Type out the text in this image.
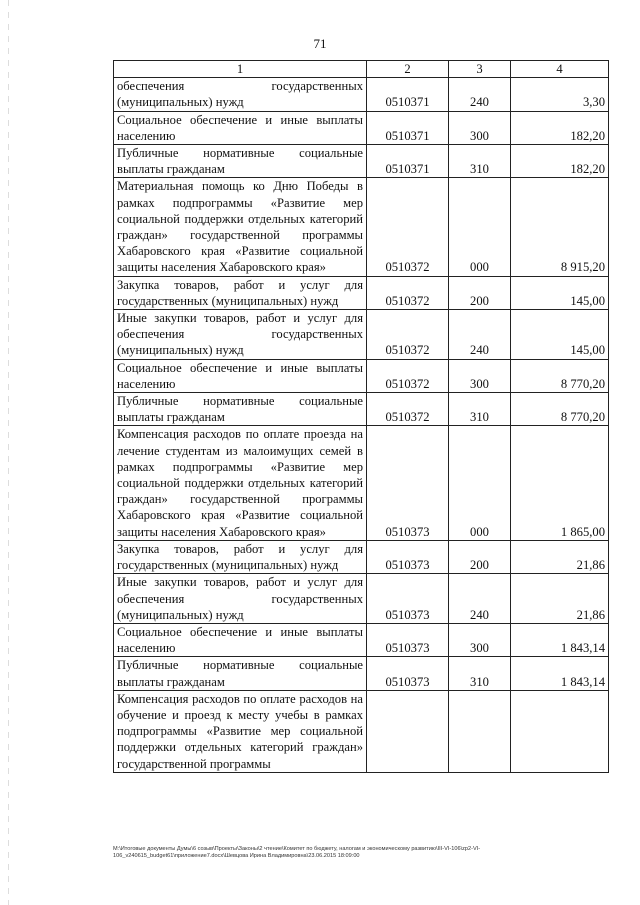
71
1	2	3	4
обеспечения государственных (муниципальных) нужд	0510371	240	3,30
Социальное обеспечение и иные выплаты населению	0510371	300	182,20
Публичные нормативные социальные выплаты гражданам	0510371	310	182,20
Материальная помощь ко Дню Победы в рамках подпрограммы «Развитие мер социальной поддержки отдельных категорий граждан» государственной программы Хабаровского края «Развитие социальной защиты населения Хабаровского края»	0510372	000	8 915,20
Закупка товаров, работ и услуг для государственных (муниципальных) нужд	0510372	200	145,00
Иные закупки товаров, работ и услуг для обеспечения государственных (муниципальных) нужд	0510372	240	145,00
Социальное обеспечение и иные выплаты населению	0510372	300	8 770,20
Публичные нормативные социальные выплаты гражданам	0510372	310	8 770,20
Компенсация расходов по оплате проезда на лечение студентам из малоимущих семей в рамках подпрограммы «Развитие мер социальной поддержки отдельных категорий граждан» государственной программы Хабаровского края «Развитие социальной защиты населения Хабаровского края»	0510373	000	1 865,00
Закупка товаров, работ и услуг для государственных (муниципальных) нужд	0510373	200	21,86
Иные закупки товаров, работ и услуг для обеспечения государственных (муниципальных) нужд	0510373	240	21,86
Социальное обеспечение и иные выплаты населению	0510373	300	1 843,14
Публичные нормативные социальные выплаты гражданам	0510373	310	1 843,14
Компенсация расходов по оплате расходов на обучение и проезд к месту учебы в рамках подпрограммы «Развитие мер социальной поддержки отдельных категорий граждан» государственной программы			
M:\Итоговые документы Думы\6 созыв\Проекты\Законы\2 чтение\Комитет по бюджету, налогам и экономическому развитию\III-VI-106\zp2-VI-
106_v240615_budget61\приложение7.docx\Шевцова Ирина Владимировна\23.06.2015 18:09:00
